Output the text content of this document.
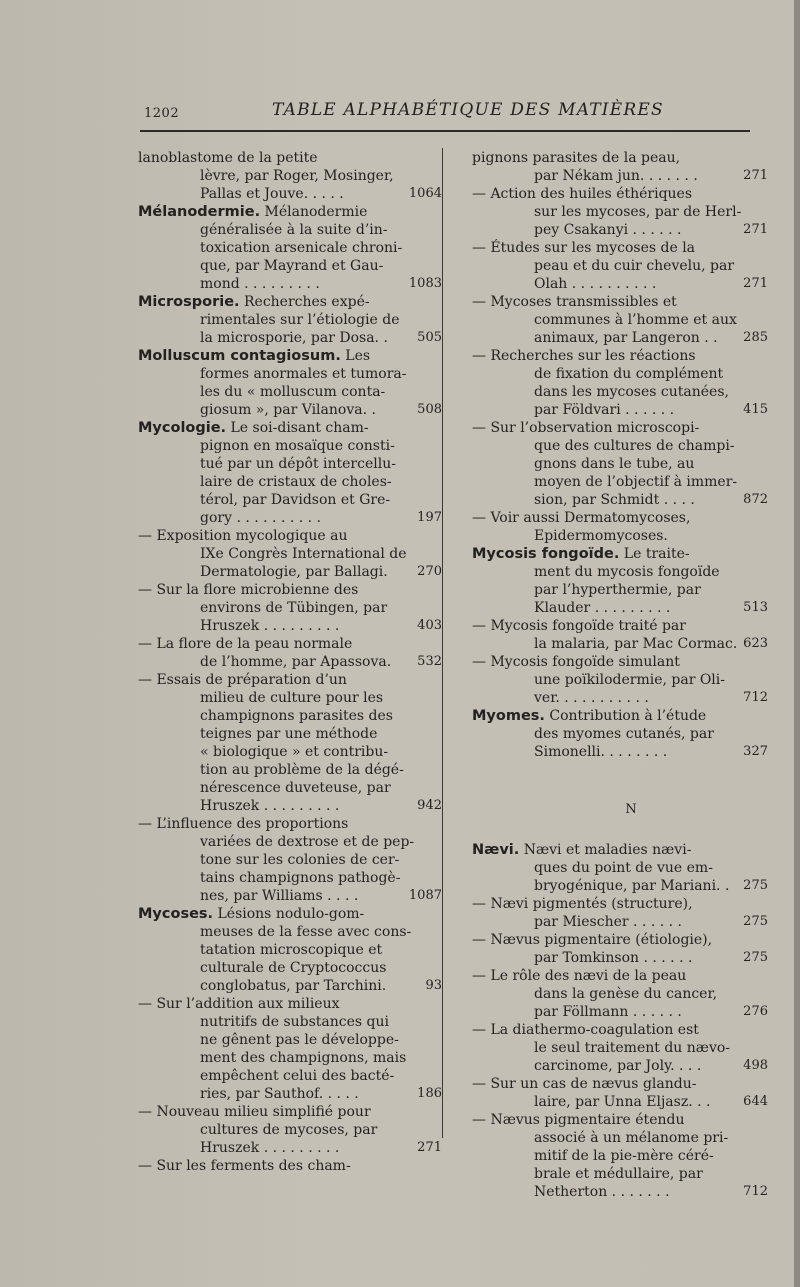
1202	TABLE ALPHABÉTIQUE DES MATIÈRES
lanoblastome de la petite
lèvre, par Roger, Mosinger,
Pallas et Jouve. . . . .	1064
Mélanodermie. Mélanodermie
généralisée à la suite d’in-
toxication arsenicale chroni-
que, par Mayrand et Gau-
mond . . . . . . . . .	1083
Microsporie. Recherches expé-
rimentales sur l’étiologie de
la microsporie, par Dosa. .	505
Molluscum contagiosum. Les
formes anormales et tumora-
les du « molluscum conta-
giosum », par Vilanova. .	508
Mycologie. Le soi-disant cham-
pignon en mosaïque consti-
tué par un dépôt intercellu-
laire de cristaux de choles-
térol, par Davidson et Gre-
gory . . . . . . . . . .	197
— Exposition mycologique au
IXe Congrès International de
Dermatologie, par Ballagi.	270
— Sur la flore microbienne des
environs de Tübingen, par
Hruszek . . . . . . . . .	403
— La flore de la peau normale
de l’homme, par Apassova.	532
— Essais de préparation d’un
milieu de culture pour les
champignons parasites des
teignes par une méthode
« biologique » et contribu-
tion au problème de la dégé-
nérescence duveteuse, par
Hruszek . . . . . . . . .	942
— L’influence des proportions
variées de dextrose et de pep-
tone sur les colonies de cer-
tains champignons pathogè-
nes, par Williams . . . .	1087
Mycoses. Lésions nodulo-gom-
meuses de la fesse avec cons-
tatation microscopique et
culturale de Cryptococcus
conglobatus, par Tarchini.	93
— Sur l’addition aux milieux
nutritifs de substances qui
ne gênent pas le développe-
ment des champignons, mais
empêchent celui des bacté-
ries, par Sauthof. . . . .	186
— Nouveau milieu simplifié pour
cultures de mycoses, par
Hruszek . . . . . . . . .	271
— Sur les ferments des cham-
pignons parasites de la peau,
par Nékam jun. . . . . . .	271
— Action des huiles éthériques
sur les mycoses, par de Herl-
pey Csakanyi . . . . . .	271
— Études sur les mycoses de la
peau et du cuir chevelu, par
Olah . . . . . . . . . .	271
— Mycoses transmissibles et
communes à l’homme et aux
animaux, par Langeron . .	285
— Recherches sur les réactions
de fixation du complément
dans les mycoses cutanées,
par Földvari . . . . . .	415
— Sur l’observation microscopi-
que des cultures de champi-
gnons dans le tube, au
moyen de l’objectif à immer-
sion, par Schmidt . . . .	872
— Voir aussi Dermatomycoses,
Epidermomycoses.
Mycosis fongoïde. Le traite-
ment du mycosis fongoïde
par l’hyperthermie, par
Klauder . . . . . . . . .	513
— Mycosis fongoïde traité par
la malaria, par Mac Cormac. 623
— Mycosis fongoïde simulant
une poïkilodermie, par Oli-
ver. . . . . . . . . . .	712
Myomes. Contribution à l’étude
des myomes cutanés, par
Simonelli. . . . . . . .	327
N
Nævi. Nævi et maladies nævi-
ques du point de vue em-
bryogénique, par Mariani. .	275
— Nævi pigmentés (structure),
par Miescher . . . . . .	275
— Nævus pigmentaire (étiologie),
par Tomkinson . . . . . .	275
— Le rôle des nævi de la peau
dans la genèse du cancer,
par Föllmann . . . . . .	276
— La diathermo-coagulation est
le seul traitement du nævo-
carcinome, par Joly. . . .	498
— Sur un cas de nævus glandu-
laire, par Unna Eljasz. . .	644
— Nævus pigmentaire étendu
associé à un mélanome pri-
mitif de la pie-mère céré-
brale et médullaire, par
Netherton . . . . . . .	712
